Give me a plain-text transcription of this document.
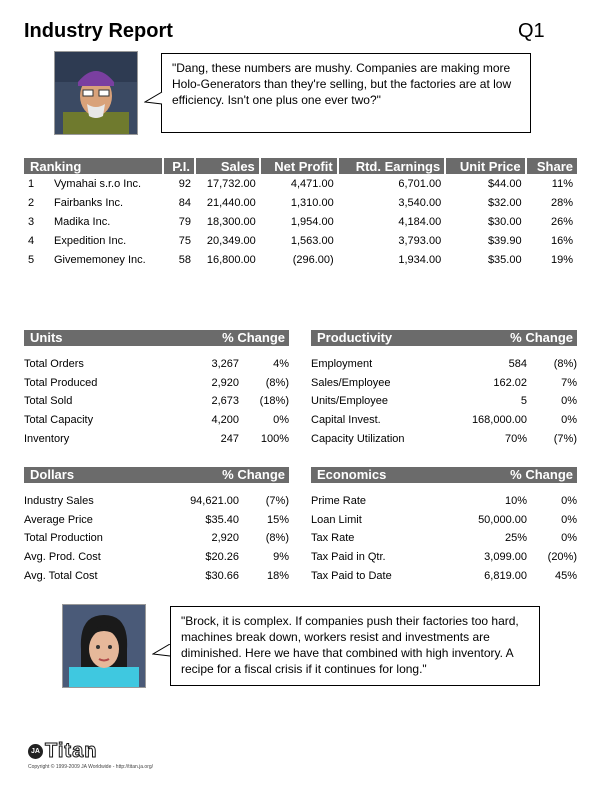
Industry Report	Q1
"Dang, these numbers are mushy. Companies are making more Holo-Generators than they're selling, but the factories are at low efficiency. Isn't one plus one ever two?"
Ranking		P.I.	Sales	Net Profit	Rtd. Earnings	Unit Price	Share
1	Vymahai s.r.o Inc.	92	17,732.00	4,471.00	6,701.00	$44.00	11%
2	Fairbanks Inc.	84	21,440.00	1,310.00	3,540.00	$32.00	28%
3	Madika Inc.	79	18,300.00	1,954.00	4,184.00	$30.00	26%
4	Expedition Inc.	75	20,349.00	1,563.00	3,793.00	$39.90	16%
5	Givememoney Inc.	58	16,800.00	(296.00)	1,934.00	$35.00	19%
Units	% Change
Total Orders	3,267	4%
Total Produced	2,920	(8%)
Total Sold	2,673	(18%)
Total Capacity	4,200	0%
Inventory	247	100%
Productivity	% Change
Employment	584	(8%)
Sales/Employee	162.02	7%
Units/Employee	5	0%
Capital Invest.	168,000.00	0%
Capacity Utilization	70%	(7%)
Dollars	% Change
Industry Sales	94,621.00	(7%)
Average Price	$35.40	15%
Total Production	2,920	(8%)
Avg. Prod. Cost	$20.26	9%
Avg. Total Cost	$30.66	18%
Economics	% Change
Prime Rate	10%	0%
Loan Limit	50,000.00	0%
Tax Rate	25%	0%
Tax Paid in Qtr.	3,099.00	(20%)
Tax Paid to Date	6,819.00	45%
"Brock, it is complex. If companies push their factories too hard, machines break down, workers resist and investments are diminished. Here we have that combined with high inventory. A recipe for a fiscal crisis if it continues for long."
JA Titan
Copyright © 1999-2009 JA Worldwide - http://titan.ja.org/
